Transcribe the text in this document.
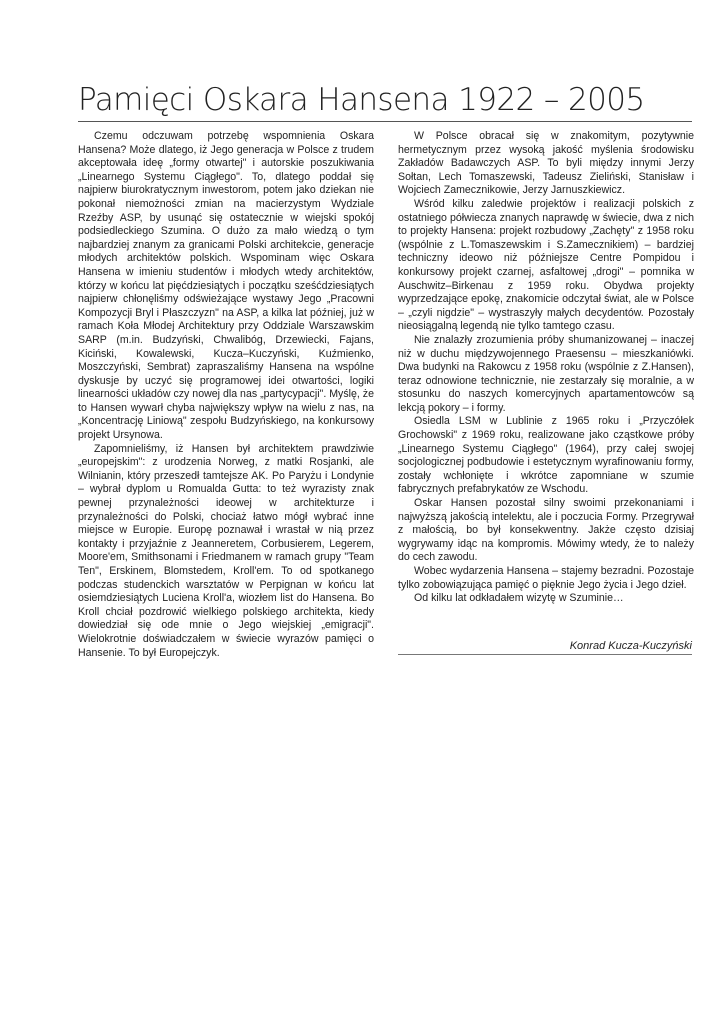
Pamięci Oskara Hansena 1922 – 2005

Czemu odczuwam potrzebę wspomnienia Oskara Hansena? Może dlatego, iż Jego generacja w Polsce z trudem akceptowała ideę „formy otwartej" i autorskie poszukiwania „Linearnego Systemu Ciągłego". To, dlatego poddał się najpierw biurokratycznym inwestorom, potem jako dziekan nie pokonał niemożności zmian na macierzystym Wydziale Rzeźby ASP, by usunąć się ostatecznie w wiejski spokój podsiedleckiego Szumina. O dużo za mało wiedzą o tym najbardziej znanym za granicami Polski architekcie, generacje młodych architektów polskich. Wspominam więc Oskara Hansena w imieniu studentów i młodych wtedy architektów, którzy w końcu lat pięćdziesiątych i początku sześćdziesiątych najpierw chłonęliśmy odświeżające wystawy Jego „Pracowni Kompozycji Bryl i Płaszczyzn" na ASP, a kilka lat później, już w ramach Koła Młodej Architektury przy Oddziale Warszawskim SARP (m.in. Budzyński, Chwalibóg, Drzewiecki, Fajans, Kiciński, Kowalewski, Kucza–Kuczyński, Kuźmienko, Moszczyński, Sembrat) zapraszaliśmy Hansena na wspólne dyskusje by uczyć się programowej idei otwartości, logiki linearności układów czy nowej dla nas „partycypacji". Myślę, że to Hansen wywarł chyba największy wpływ na wielu z nas, na „Koncentrację Liniową" zespołu Budzyńskiego, na konkursowy projekt Ursynowa.

Zapomnieliśmy, iż Hansen był architektem prawdziwie „europejskim": z urodzenia Norweg, z matki Rosjanki, ale Wilnianin, który przeszedł tamtejsze AK. Po Paryżu i Londynie – wybrał dyplom u Romualda Gutta: to też wyrazisty znak pewnej przynależności ideowej w architekturze i przynależności do Polski, chociaż łatwo mógł wybrać inne miejsce w Europie. Europę poznawał i wrastał w nią przez kontakty i przyjaźnie z Jeanneretem, Corbusierem, Legerem, Moore'em, Smithsonami i Friedmanem w ramach grupy "Team Ten", Erskinem, Blomstedem, Kroll'em. To od spotkanego podczas studenckich warsztatów w Perpignan w końcu lat osiemdziesiątych Luciena Kroll'a, wiozłem list do Hansena. Bo Kroll chciał pozdrowić wielkiego polskiego architekta, kiedy dowiedział się ode mnie o Jego wiejskiej „emigracji". Wielokrotnie doświadczałem w świecie wyrazów pamięci o Hansenie. To był Europejczyk.

W Polsce obracał się w znakomitym, pozytywnie hermetycznym przez wysoką jakość myślenia środowisku Zakładów Badawczych ASP. To byli między innymi Jerzy Sołtan, Lech Tomaszewski, Tadeusz Zieliński, Stanisław i Wojciech Zamecznikowie, Jerzy Jarnuszkiewicz.

Wśród kilku zaledwie projektów i realizacji polskich z ostatniego półwiecza znanych naprawdę w świecie, dwa z nich to projekty Hansena: projekt rozbudowy „Zachęty" z 1958 roku (wspólnie z L.Tomaszewskim i S.Zamecznikiem) – bardziej techniczny ideowo niż późniejsze Centre Pompidou i konkursowy projekt czarnej, asfaltowej „drogi" – pomnika w Auschwitz–Birkenau z 1959 roku. Obydwa projekty wyprzedzające epokę, znakomicie odczytał świat, ale w Polsce – „czyli nigdzie" – wystraszyły małych decydentów. Pozostały nieosiągalną legendą nie tylko tamtego czasu.

Nie znalazły zrozumienia próby shumanizowanej – inaczej niż w duchu międzywojennego Praesensu – mieszkaniówki. Dwa budynki na Rakowcu z 1958 roku (wspólnie z Z.Hansen), teraz odnowione technicznie, nie zestarzały się moralnie, a w stosunku do naszych komercyjnych apartamentowców są lekcją pokory – i formy.

Osiedla LSM w Lublinie z 1965 roku i „Przyczółek Grochowski" z 1969 roku, realizowane jako cząstkowe próby „Linearnego Systemu Ciągłego" (1964), przy całej swojej socjologicznej podbudowie i estetycznym wyrafinowaniu formy, zostały wchłonięte i wkrótce zapomniane w szumie fabrycznych prefabrykatów ze Wschodu.

Oskar Hansen pozostał silny swoimi przekonaniami i najwyższą jakością intelektu, ale i poczucia Formy. Przegrywał z małością, bo był konsekwentny. Jakże często dzisiaj wygrywamy idąc na kompromis. Mówimy wtedy, że to należy do cech zawodu.

Wobec wydarzenia Hansena – stajemy bezradni. Pozostaje tylko zobowiązująca pamięć o pięknie Jego życia i Jego dzieł.

Od kilku lat odkładałem wizytę w Szuminie…

Konrad Kucza-Kuczyński
